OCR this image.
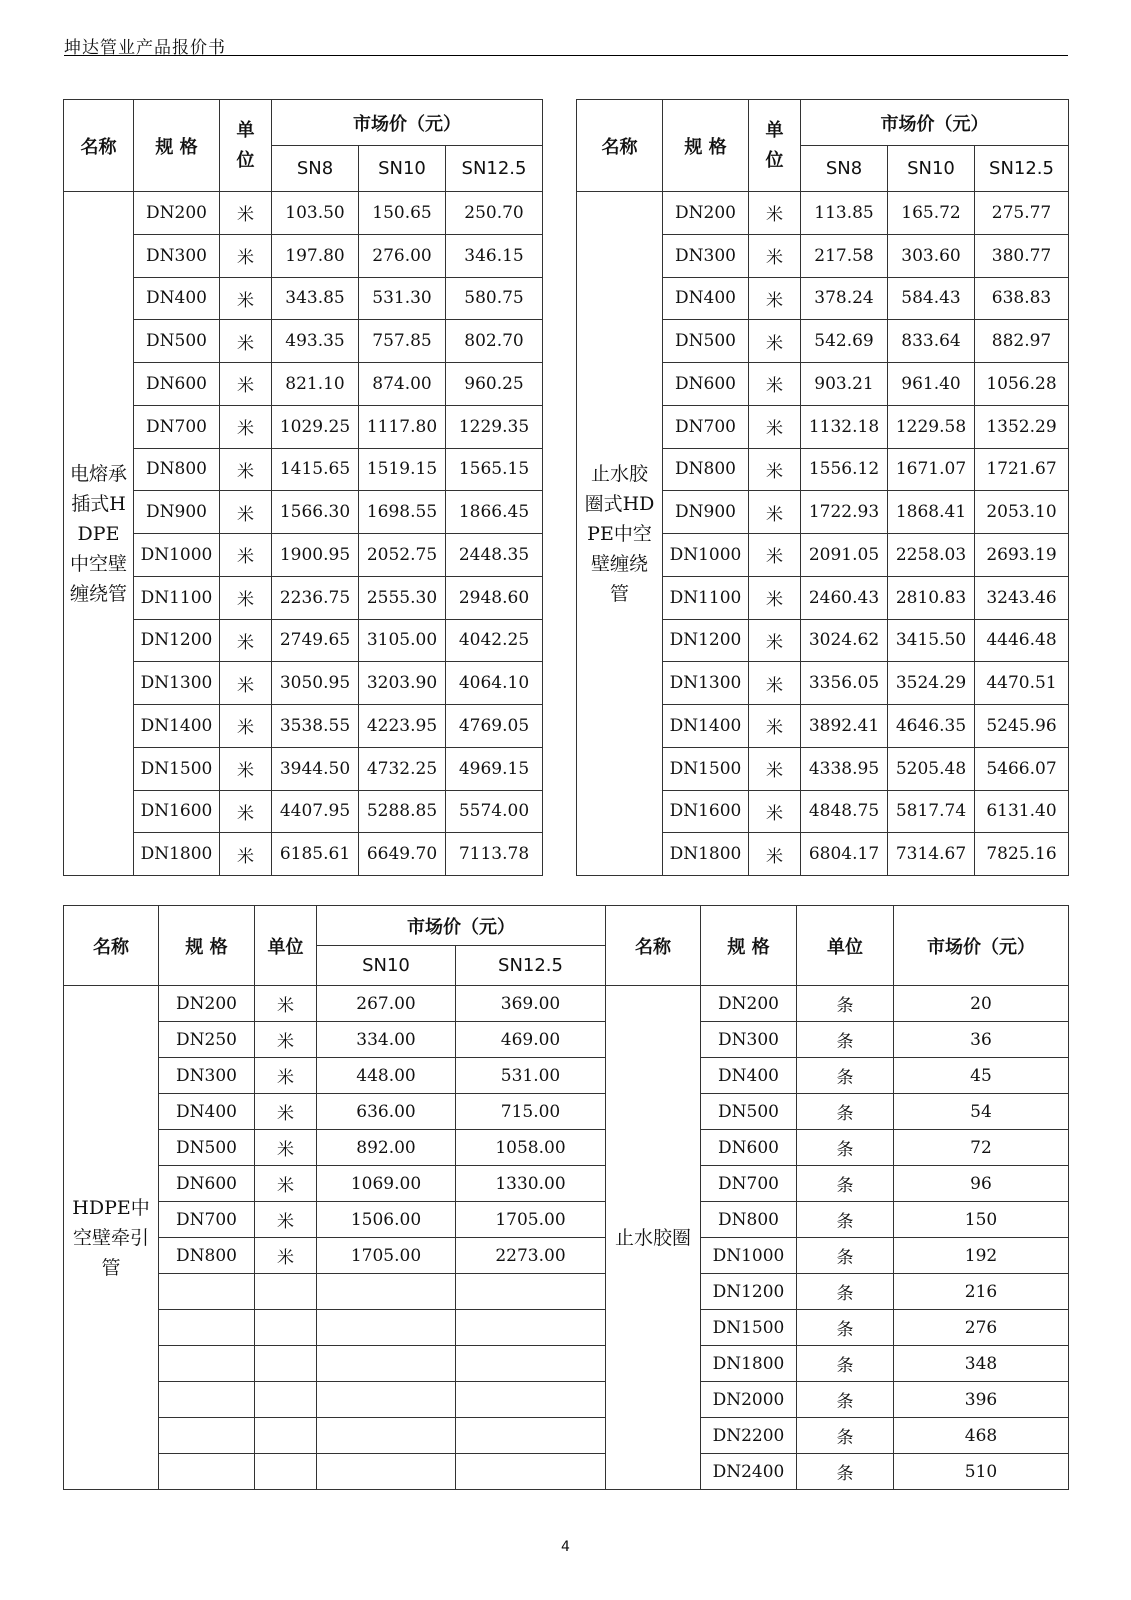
坤达管业产品报价书
名称	规 格	单
位	市场价（元）		
			SN8	SN10	SN12.5
电熔承插式HDPE中空壁缠绕管	DN200	米	103.50	150.65	250.70
	DN300	米	197.80	276.00	346.15
	DN400	米	343.85	531.30	580.75
	DN500	米	493.35	757.85	802.70
	DN600	米	821.10	874.00	960.25
	DN700	米	1029.25	1117.80	1229.35
	DN800	米	1415.65	1519.15	1565.15
	DN900	米	1566.30	1698.55	1866.45
	DN1000	米	1900.95	2052.75	2448.35
	DN1100	米	2236.75	2555.30	2948.60
	DN1200	米	2749.65	3105.00	4042.25
	DN1300	米	3050.95	3203.90	4064.10
	DN1400	米	3538.55	4223.95	4769.05
	DN1500	米	3944.50	4732.25	4969.15
	DN1600	米	4407.95	5288.85	5574.00
	DN1800	米	6185.61	6649.70	7113.78
名称	规 格	单
位	市场价（元）		
			SN8	SN10	SN12.5
止水胶圈式HDPE中空壁缠绕管	DN200	米	113.85	165.72	275.77
	DN300	米	217.58	303.60	380.77
	DN400	米	378.24	584.43	638.83
	DN500	米	542.69	833.64	882.97
	DN600	米	903.21	961.40	1056.28
	DN700	米	1132.18	1229.58	1352.29
	DN800	米	1556.12	1671.07	1721.67
	DN900	米	1722.93	1868.41	2053.10
	DN1000	米	2091.05	2258.03	2693.19
	DN1100	米	2460.43	2810.83	3243.46
	DN1200	米	3024.62	3415.50	4446.48
	DN1300	米	3356.05	3524.29	4470.51
	DN1400	米	3892.41	4646.35	5245.96
	DN1500	米	4338.95	5205.48	5466.07
	DN1600	米	4848.75	5817.74	6131.40
	DN1800	米	6804.17	7314.67	7825.16
名称	规 格	单位	市场价（元）	
			SN10	SN12.5
HDPE中空壁牵引管	DN200	米	267.00	369.00
	DN250	米	334.00	469.00
	DN300	米	448.00	531.00
	DN400	米	636.00	715.00
	DN500	米	892.00	1058.00
	DN600	米	1069.00	1330.00
	DN700	米	1506.00	1705.00
	DN800	米	1705.00	2273.00

名称	规 格	单位	市场价（元）
止水胶圈	DN200	条	20
	DN300	条	36
	DN400	条	45
	DN500	条	54
	DN600	条	72
	DN700	条	96
	DN800	条	150
	DN1000	条	192
	DN1200	条	216
	DN1500	条	276
	DN1800	条	348
	DN2000	条	396
	DN2200	条	468
	DN2400	条	510
4
